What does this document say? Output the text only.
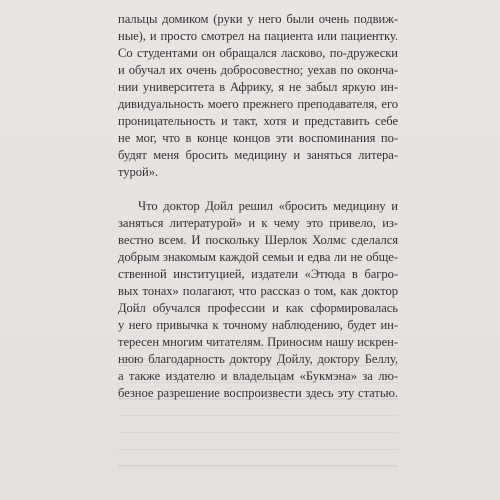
пальцы домиком (руки у него были очень подвиж-
ные), и просто смотрел на пациента или пациентку.
Со студентами он обращался ласково, по-дружески
и обучал их очень добросовестно; уехав по оконча-
нии университета в Африку, я не забыл яркую ин-
дивидуальность моего прежнего преподавателя, его
проницательность и такт, хотя и представить себе
не мог, что в конце концов эти воспоминания по-
будят меня бросить медицину и заняться литера-
турой».
Что доктор Дойл решил «бросить медицину и
заняться литературой» и к чему это привело, из-
вестно всем. И поскольку Шерлок Холмс сделался
добрым знакомым каждой семьи и едва ли не обще-
ственной институцией, издатели «Этюда в багро-
вых тонах» полагают, что рассказ о том, как доктор
Дойл обучался профессии и как сформировалась
у него привычка к точному наблюдению, будет ин-
тересен многим читателям. Приносим нашу искрен-
нюю благодарность доктору Дойлу, доктору Беллу,
а также издателю и владельцам «Букмэна» за лю-
безное разрешение воспроизвести здесь эту статью.
